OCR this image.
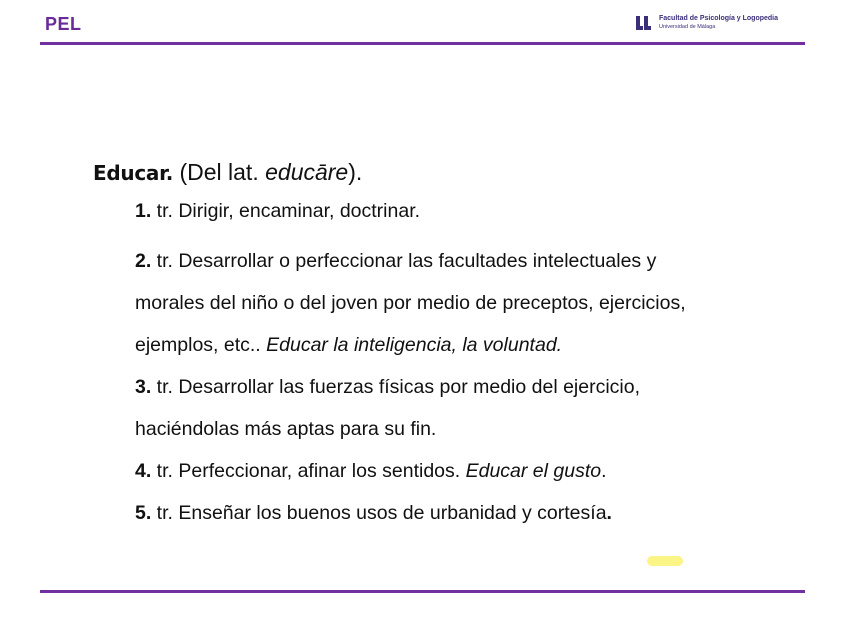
PEL	Facultad de Psicología y Logopedia
Universidad de Málaga
Educar. (Del lat. educāre).
1. tr. Dirigir, encaminar, doctrinar.
2. tr. Desarrollar o perfeccionar las facultades intelectuales y
morales del niño o del joven por medio de preceptos, ejercicios,
ejemplos, etc.. Educar la inteligencia, la voluntad.
3. tr. Desarrollar las fuerzas físicas por medio del ejercicio,
haciéndolas más aptas para su fin.
4. tr. Perfeccionar, afinar los sentidos. Educar el gusto.
5. tr. Enseñar los buenos usos de urbanidad y cortesía.
